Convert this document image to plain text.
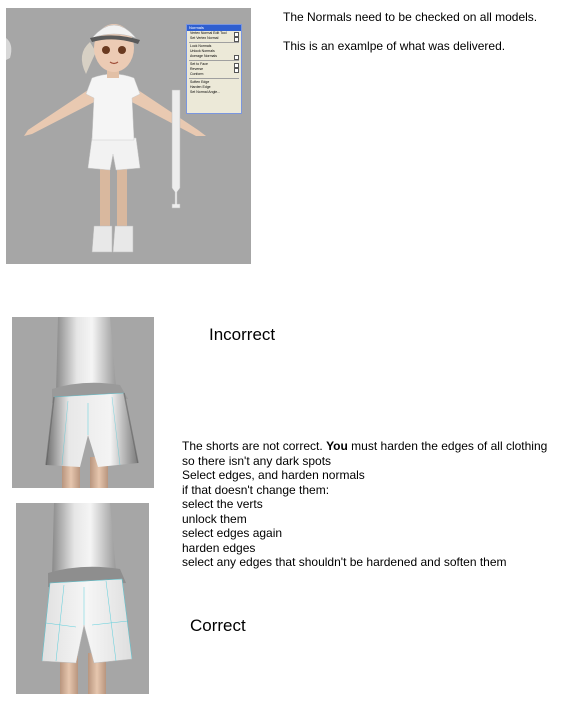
Normals
Vertex Normal Edit Tool
Set Vertex Normal
Lock Normals
Unlock Normals
Average Normals
Set to Face
Reverse
Conform
Soften Edge
Harden Edge
Set Normal Angle...
The Normals need to be checked on all models.
This is an examlpe of what was delivered.
Incorrect
The shorts are not correct. You must harden the edges of all clothing
so there isn't any dark spots
Select edges, and harden normals
if that doesn't change them:
select the verts
unlock them
select edges again
harden edges
select any edges that shouldn't be hardened and soften them
Correct
